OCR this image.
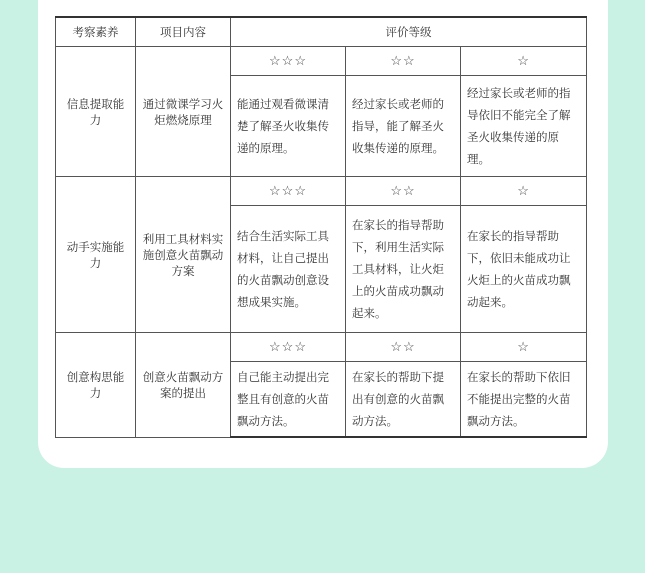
考察素养	项目内容	评价等级		
信息提取能力	通过微课学习火炬燃烧原理	☆☆☆	☆☆	☆
		能通过观看微课清楚了解圣火收集传递的原理。	经过家长或老师的指导，能了解圣火收集传递的原理。	经过家长或老师的指导依旧不能完全了解圣火收集传递的原理。
动手实施能力	利用工具材料实施创意火苗飘动方案	☆☆☆	☆☆	☆
		结合生活实际工具材料，让自己提出的火苗飘动创意设想成果实施。	在家长的指导帮助下，利用生活实际工具材料，让火炬上的火苗成功飘动起来。	在家长的指导帮助下，依旧未能成功让火炬上的火苗成功飘动起来。
创意构思能力	创意火苗飘动方案的提出	☆☆☆	☆☆	☆
		自己能主动提出完整且有创意的火苗飘动方法。	在家长的帮助下提出有创意的火苗飘动方法。	在家长的帮助下依旧不能提出完整的火苗飘动方法。
